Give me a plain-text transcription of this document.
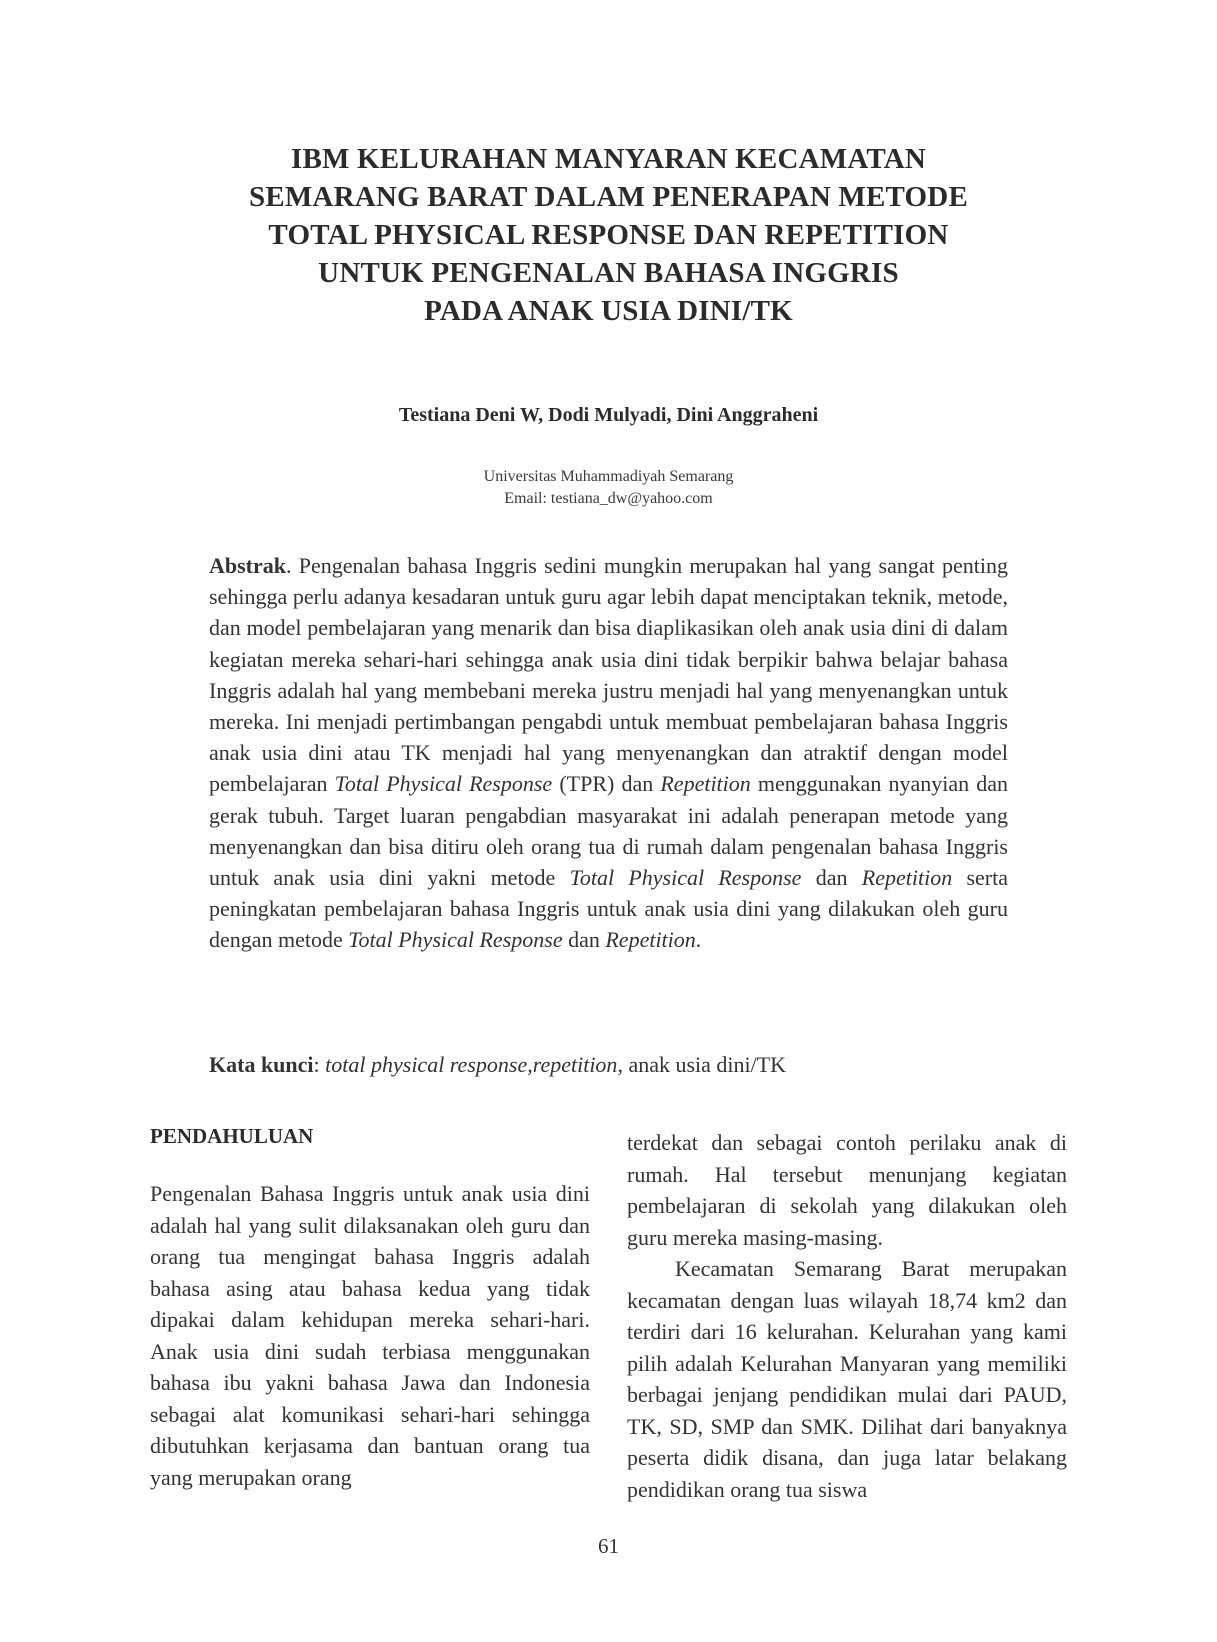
IBM KELURAHAN MANYARAN KECAMATAN
SEMARANG BARAT DALAM PENERAPAN METODE
TOTAL PHYSICAL RESPONSE DAN REPETITION
UNTUK PENGENALAN BAHASA INGGRIS
PADA ANAK USIA DINI/TK
Testiana Deni W, Dodi Mulyadi, Dini Anggraheni
Universitas Muhammadiyah Semarang
Email: testiana_dw@yahoo.com

Abstrak. Pengenalan bahasa Inggris sedini mungkin merupakan hal yang sangat penting sehingga perlu adanya kesadaran untuk guru agar lebih dapat menciptakan teknik, metode, dan model pembelajaran yang menarik dan bisa diaplikasikan oleh anak usia dini di dalam kegiatan mereka sehari-hari sehingga anak usia dini tidak berpikir bahwa belajar bahasa Inggris adalah hal yang membebani mereka justru menjadi hal yang menyenangkan untuk mereka. Ini menjadi pertimbangan pengabdi untuk membuat pembelajaran bahasa Inggris anak usia dini atau TK menjadi hal yang menyenangkan dan atraktif dengan model pembelajaran Total Physical Response (TPR) dan Repetition menggunakan nyanyian dan gerak tubuh. Target luaran pengabdian masyarakat ini adalah penerapan metode yang menyenangkan dan bisa ditiru oleh orang tua di rumah dalam pengenalan bahasa Inggris untuk anak usia dini yakni metode Total Physical Response dan Repetition serta peningkatan pembelajaran bahasa Inggris untuk anak usia dini yang dilakukan oleh guru dengan metode Total Physical Response dan Repetition.

Kata kunci: total physical response,repetition, anak usia dini/TK

PENDAHULUAN

Pengenalan Bahasa Inggris untuk anak usia dini adalah hal yang sulit dilaksanakan oleh guru dan orang tua mengingat bahasa Inggris adalah bahasa asing atau bahasa kedua yang tidak dipakai dalam kehidupan mereka sehari-hari. Anak usia dini sudah terbiasa menggunakan bahasa ibu yakni bahasa Jawa dan Indonesia sebagai alat komunikasi sehari-hari sehingga dibutuhkan kerjasama dan bantuan orang tua yang merupakan orang

terdekat dan sebagai contoh perilaku anak di rumah. Hal tersebut menunjang kegiatan pembelajaran di sekolah yang dilakukan oleh guru mereka masing-masing.

Kecamatan Semarang Barat merupakan kecamatan dengan luas wilayah 18,74 km2 dan terdiri dari 16 kelurahan. Kelurahan yang kami pilih adalah Kelurahan Manyaran yang memiliki berbagai jenjang pendidikan mulai dari PAUD, TK, SD, SMP dan SMK. Dilihat dari banyaknya peserta didik disana, dan juga latar belakang pendidikan orang tua siswa

61
